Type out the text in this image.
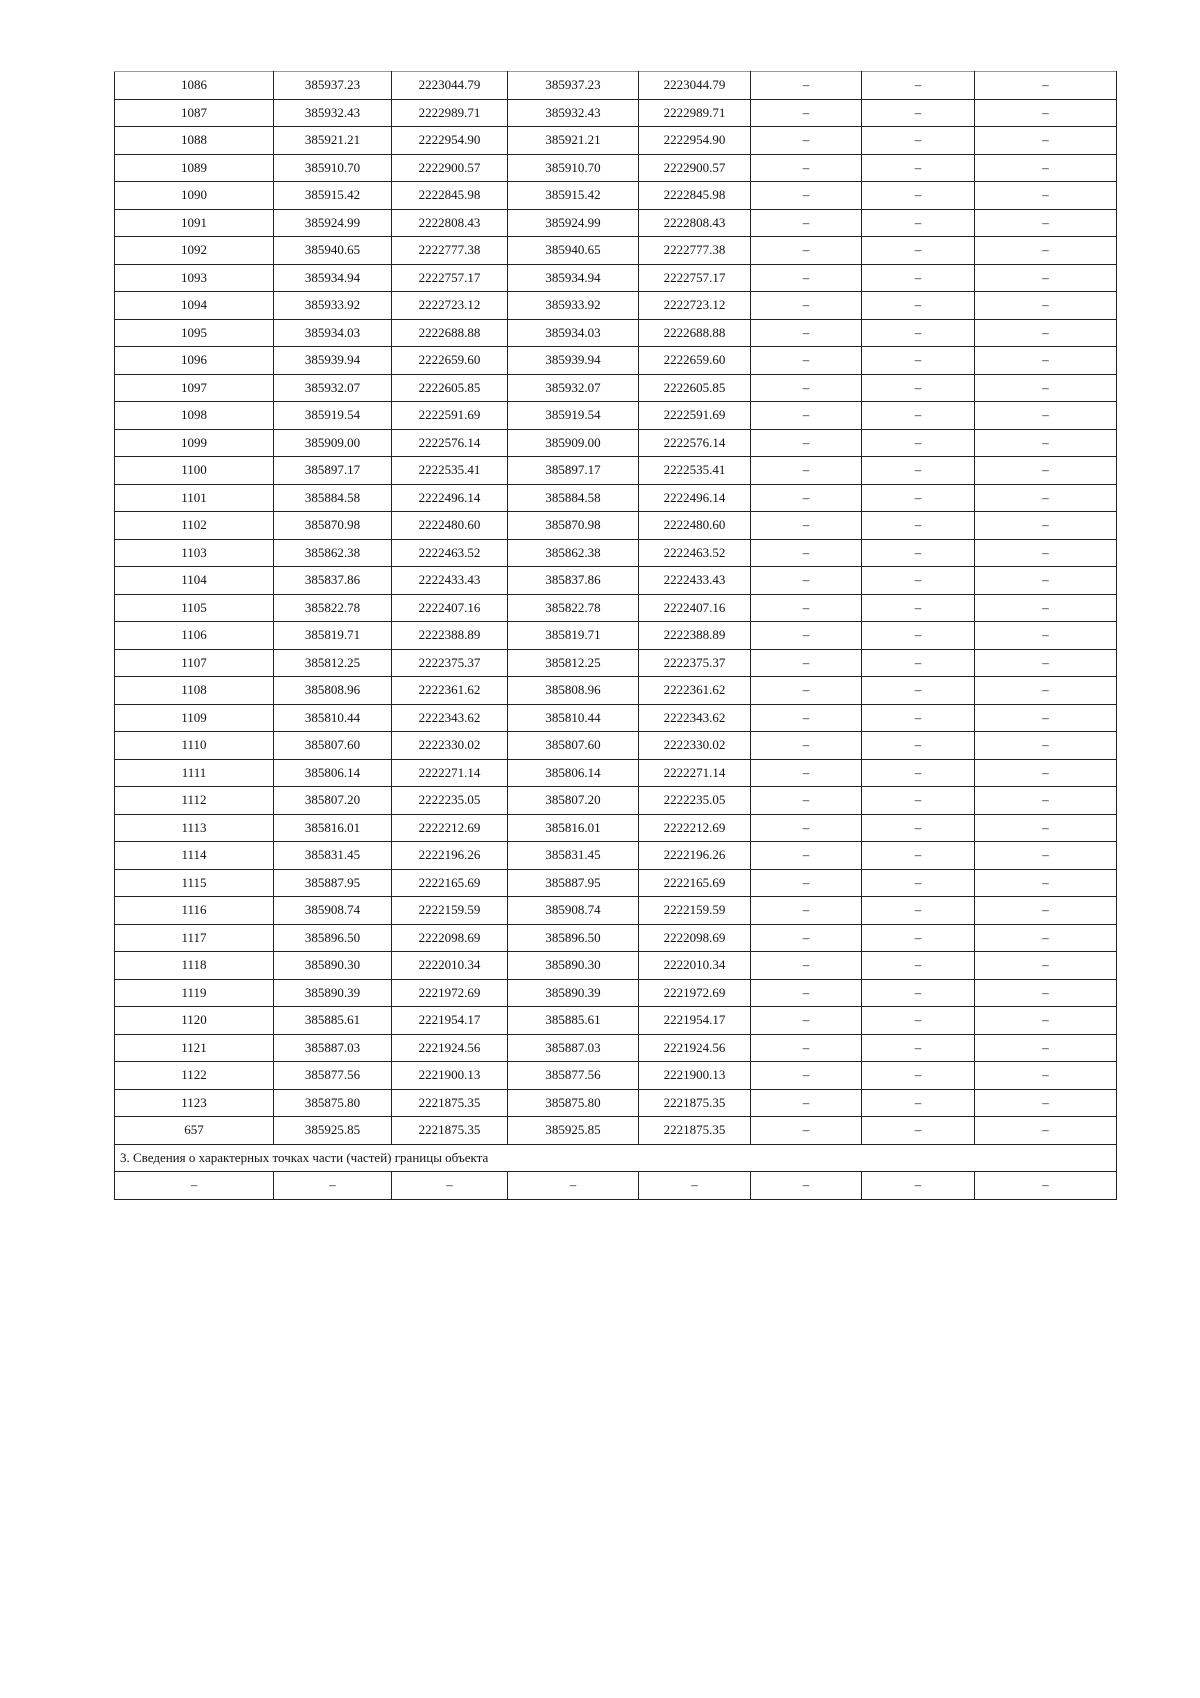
1086	385937.23	2223044.79	385937.23	2223044.79	–	–	–
1087	385932.43	2222989.71	385932.43	2222989.71	–	–	–
1088	385921.21	2222954.90	385921.21	2222954.90	–	–	–
1089	385910.70	2222900.57	385910.70	2222900.57	–	–	–
1090	385915.42	2222845.98	385915.42	2222845.98	–	–	–
1091	385924.99	2222808.43	385924.99	2222808.43	–	–	–
1092	385940.65	2222777.38	385940.65	2222777.38	–	–	–
1093	385934.94	2222757.17	385934.94	2222757.17	–	–	–
1094	385933.92	2222723.12	385933.92	2222723.12	–	–	–
1095	385934.03	2222688.88	385934.03	2222688.88	–	–	–
1096	385939.94	2222659.60	385939.94	2222659.60	–	–	–
1097	385932.07	2222605.85	385932.07	2222605.85	–	–	–
1098	385919.54	2222591.69	385919.54	2222591.69	–	–	–
1099	385909.00	2222576.14	385909.00	2222576.14	–	–	–
1100	385897.17	2222535.41	385897.17	2222535.41	–	–	–
1101	385884.58	2222496.14	385884.58	2222496.14	–	–	–
1102	385870.98	2222480.60	385870.98	2222480.60	–	–	–
1103	385862.38	2222463.52	385862.38	2222463.52	–	–	–
1104	385837.86	2222433.43	385837.86	2222433.43	–	–	–
1105	385822.78	2222407.16	385822.78	2222407.16	–	–	–
1106	385819.71	2222388.89	385819.71	2222388.89	–	–	–
1107	385812.25	2222375.37	385812.25	2222375.37	–	–	–
1108	385808.96	2222361.62	385808.96	2222361.62	–	–	–
1109	385810.44	2222343.62	385810.44	2222343.62	–	–	–
1110	385807.60	2222330.02	385807.60	2222330.02	–	–	–
1111	385806.14	2222271.14	385806.14	2222271.14	–	–	–
1112	385807.20	2222235.05	385807.20	2222235.05	–	–	–
1113	385816.01	2222212.69	385816.01	2222212.69	–	–	–
1114	385831.45	2222196.26	385831.45	2222196.26	–	–	–
1115	385887.95	2222165.69	385887.95	2222165.69	–	–	–
1116	385908.74	2222159.59	385908.74	2222159.59	–	–	–
1117	385896.50	2222098.69	385896.50	2222098.69	–	–	–
1118	385890.30	2222010.34	385890.30	2222010.34	–	–	–
1119	385890.39	2221972.69	385890.39	2221972.69	–	–	–
1120	385885.61	2221954.17	385885.61	2221954.17	–	–	–
1121	385887.03	2221924.56	385887.03	2221924.56	–	–	–
1122	385877.56	2221900.13	385877.56	2221900.13	–	–	–
1123	385875.80	2221875.35	385875.80	2221875.35	–	–	–
657	385925.85	2221875.35	385925.85	2221875.35	–	–	–
3. Сведения о характерных точках части (частей) границы объекта							
–	–	–	–	–	–	–	–
